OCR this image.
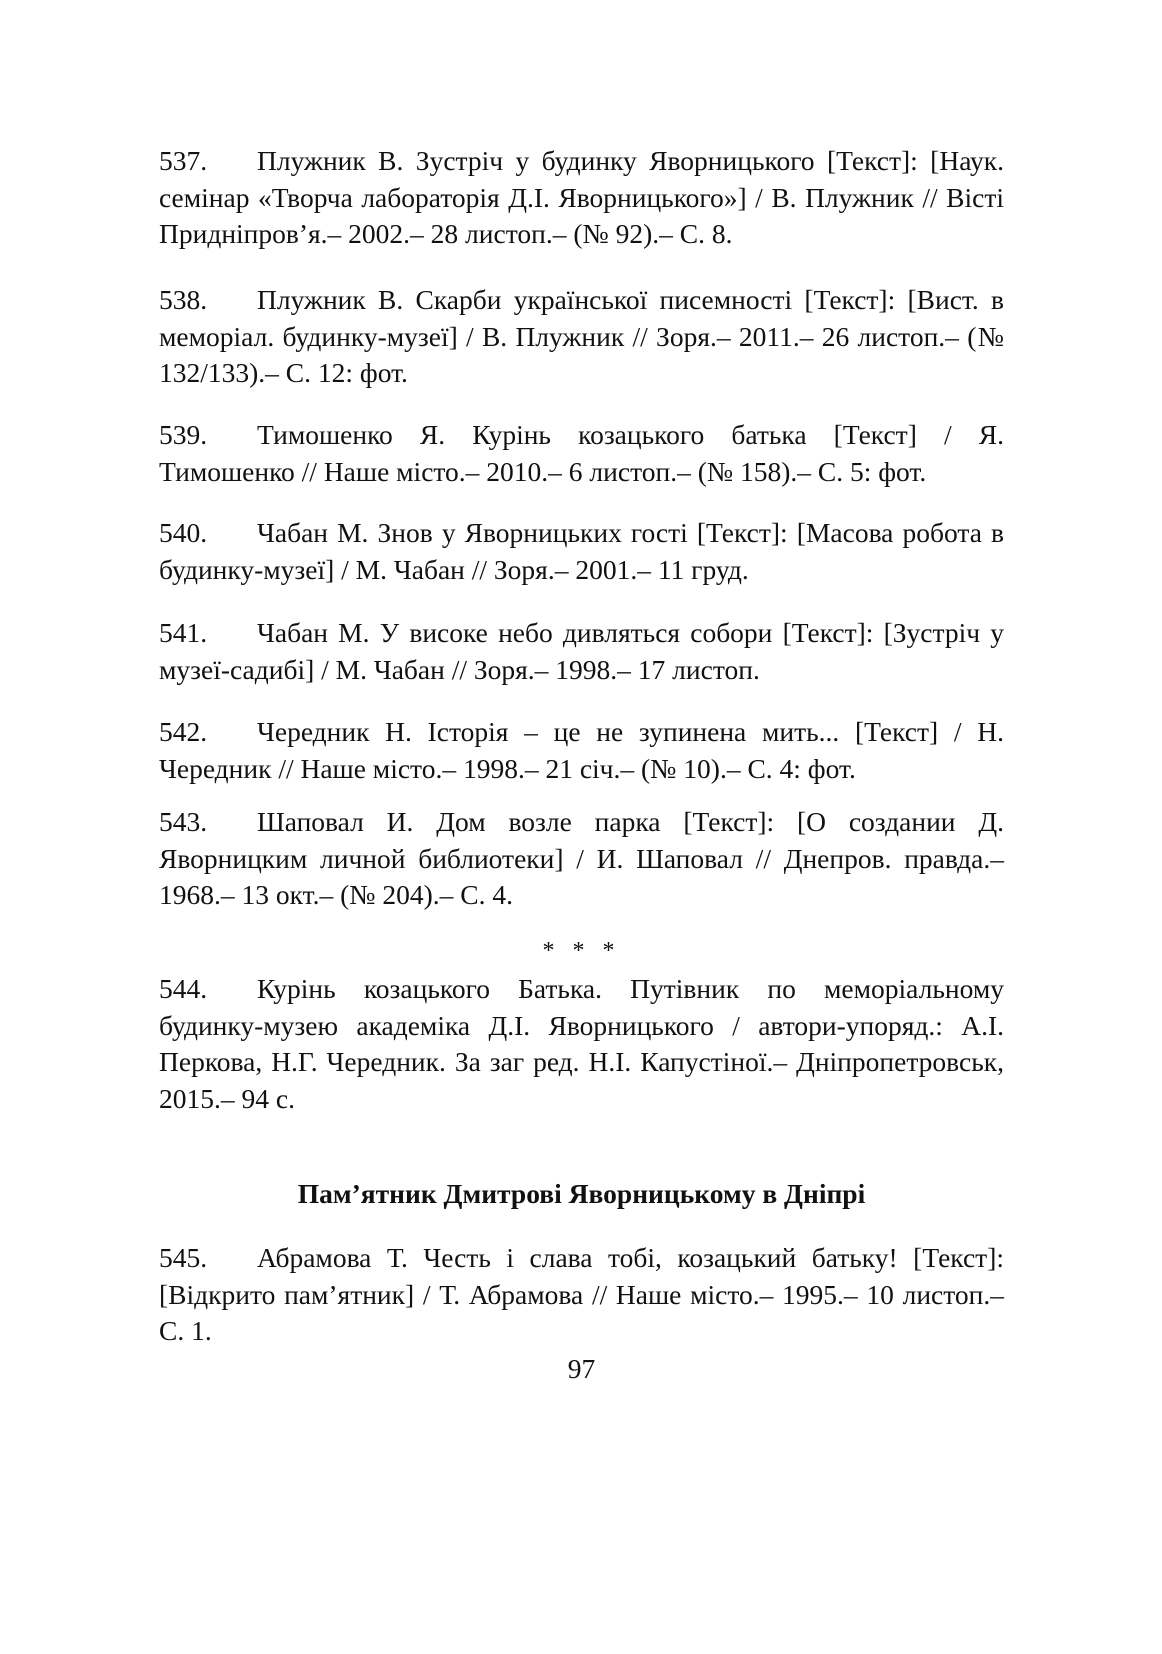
537. Плужник В. Зустріч у будинку Яворницького [Текст]: [Наук. семінар «Творча лабораторія Д.І. Яворницького»] / В. Плужник // Вісті Придніпров’я.– 2002.– 28 листоп.– (№ 92).– С. 8.

538. Плужник В. Скарби української писемності [Текст]: [Вист. в меморіал. будинку-музеї] / В. Плужник // Зоря.– 2011.– 26 листоп.– (№ 132/133).– С. 12: фот.

539. Тимошенко Я. Курінь козацького батька [Текст] / Я. Тимошенко // Наше місто.– 2010.– 6 листоп.– (№ 158).– С. 5: фот.

540. Чабан М. Знов у Яворницьких гості [Текст]: [Масова робота в будинку-музеї] / М. Чабан // Зоря.– 2001.– 11 груд.

541. Чабан М. У високе небо дивляться собори [Текст]: [Зустріч у музеї-садибі] / М. Чабан // Зоря.– 1998.– 17 листоп.

542. Чередник Н. Історія – це не зупинена мить... [Текст] / Н. Чередник // Наше місто.– 1998.– 21 січ.– (№ 10).– С. 4: фот.

543. Шаповал И. Дом возле парка [Текст]: [О создании Д. Яворницким личной библиотеки] / И. Шаповал // Днепров. правда.– 1968.– 13 окт.– (№ 204).– С. 4.

* * *

544. Курінь козацького Батька. Путівник по меморіальному будинку-музею академіка Д.І. Яворницького / автори-упоряд.: А.І. Перкова, Н.Г. Чередник. За заг ред. Н.І. Капустіної.– Дніпропетровськ, 2015.– 94 с.

Пам’ятник Дмитрові Яворницькому в Дніпрі

545. Абрамова Т. Честь і слава тобі, козацький батьку! [Текст]: [Відкрито пам’ятник] / Т. Абрамова // Наше місто.– 1995.– 10 листоп.– С. 1.

97
